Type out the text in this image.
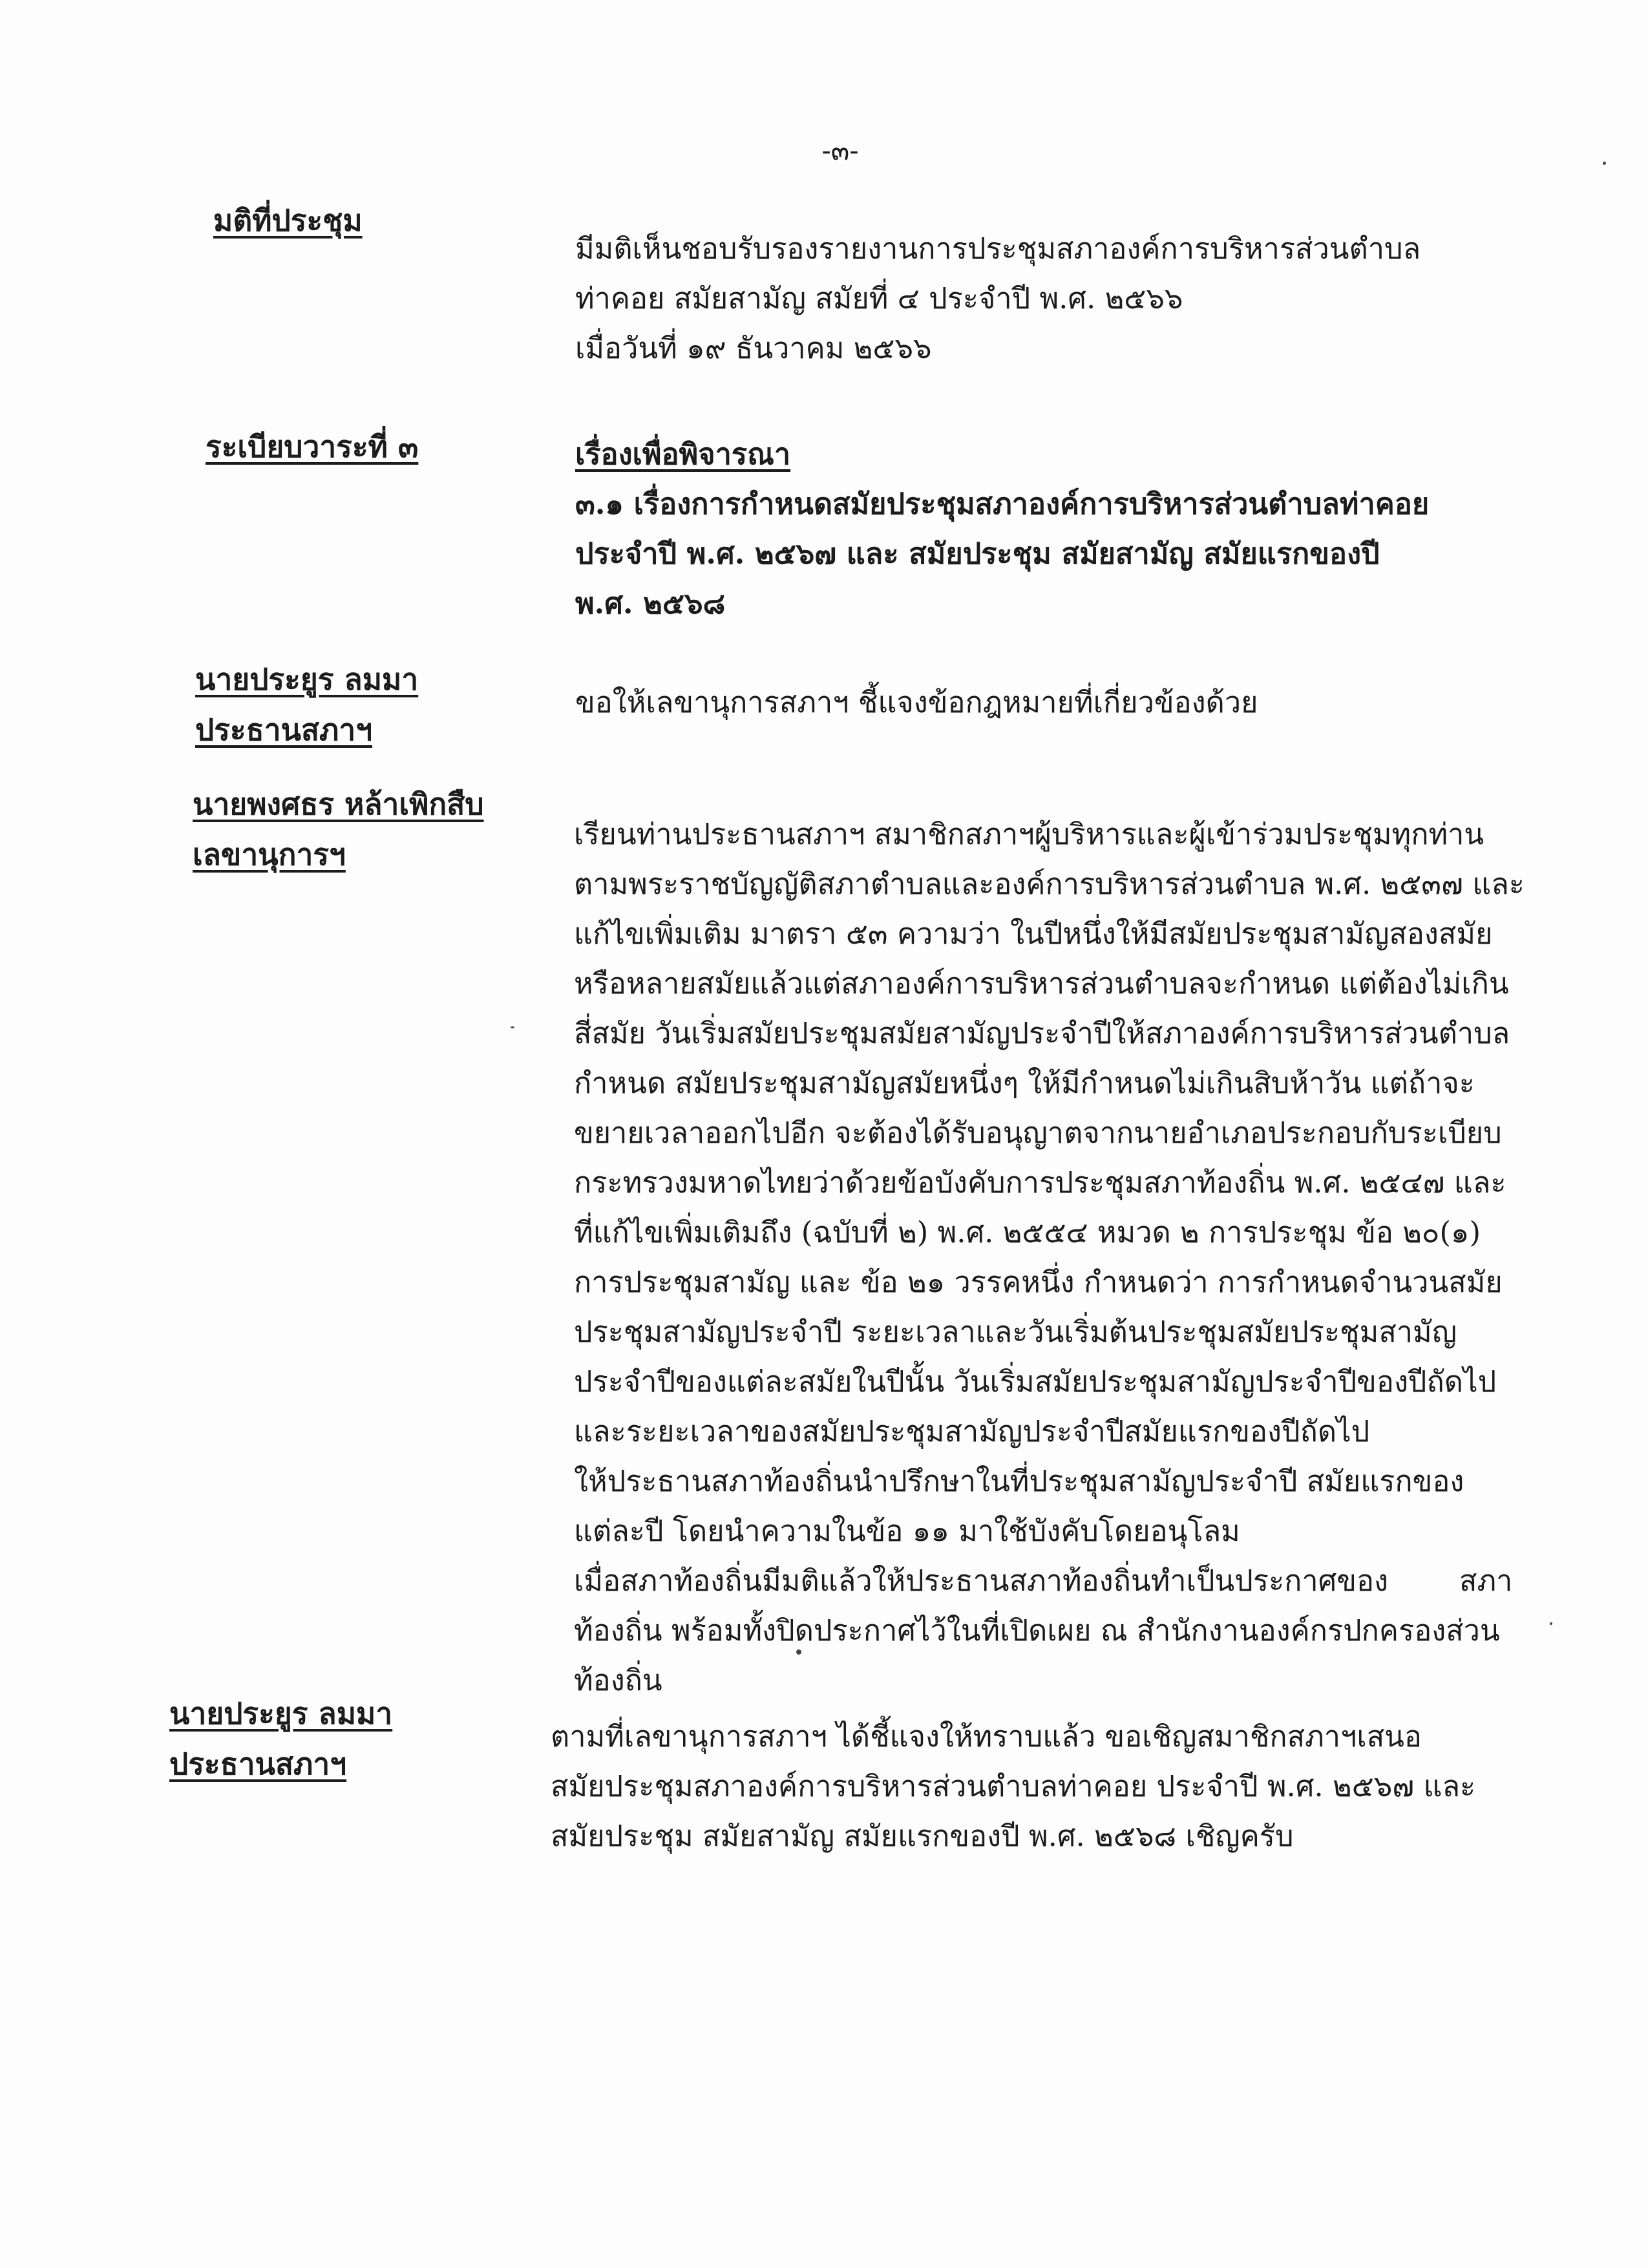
-๓-
มติที่ประชุม
มีมติเห็นชอบรับรองรายงานการประชุมสภาองค์การบริหารส่วนตำบล
ท่าคอย สมัยสามัญ สมัยที่ ๔ ประจำปี พ.ศ. ๒๕๖๖
เมื่อวันที่ ๑๙ ธันวาคม ๒๕๖๖
ระเบียบวาระที่ ๓	เรื่องเพื่อพิจารณา
๓.๑ เรื่องการกำหนดสมัยประชุมสภาองค์การบริหารส่วนตำบลท่าคอย
ประจำปี พ.ศ. ๒๕๖๗ และ สมัยประชุม สมัยสามัญ สมัยแรกของปี
พ.ศ. ๒๕๖๘
นายประยูร ลมมา
ประธานสภาฯ
ขอให้เลขานุการสภาฯ ชี้แจงข้อกฎหมายที่เกี่ยวข้องด้วย
นายพงศธร หล้าเพิกสืบ
เลขานุการฯ
เรียนท่านประธานสภาฯ สมาชิกสภาฯผู้บริหารและผู้เข้าร่วมประชุมทุกท่าน
ตามพระราชบัญญัติสภาตำบลและองค์การบริหารส่วนตำบล พ.ศ. ๒๕๓๗ และ
แก้ไขเพิ่มเติม มาตรา ๕๓ ความว่า ในปีหนึ่งให้มีสมัยประชุมสามัญสองสมัย
หรือหลายสมัยแล้วแต่สภาองค์การบริหารส่วนตำบลจะกำหนด แต่ต้องไม่เกิน
สี่สมัย วันเริ่มสมัยประชุมสมัยสามัญประจำปีให้สภาองค์การบริหารส่วนตำบล
กำหนด สมัยประชุมสามัญสมัยหนึ่งๆ ให้มีกำหนดไม่เกินสิบห้าวัน แต่ถ้าจะ
ขยายเวลาออกไปอีก จะต้องได้รับอนุญาตจากนายอำเภอประกอบกับระเบียบ
กระทรวงมหาดไทยว่าด้วยข้อบังคับการประชุมสภาท้องถิ่น พ.ศ. ๒๕๔๗ และ
ที่แก้ไขเพิ่มเติมถึง (ฉบับที่ ๒) พ.ศ. ๒๕๕๔ หมวด ๒ การประชุม ข้อ ๒๐(๑)
การประชุมสามัญ และ ข้อ ๒๑ วรรคหนึ่ง กำหนดว่า การกำหนดจำนวนสมัย
ประชุมสามัญประจำปี ระยะเวลาและวันเริ่มต้นประชุมสมัยประชุมสามัญ
ประจำปีของแต่ละสมัยในปีนั้น วันเริ่มสมัยประชุมสามัญประจำปีของปีถัดไป
และระยะเวลาของสมัยประชุมสามัญประจำปีสมัยแรกของปีถัดไป
ให้ประธานสภาท้องถิ่นนำปรึกษาในที่ประชุมสามัญประจำปี สมัยแรกของ
แต่ละปี โดยนำความในข้อ ๑๑ มาใช้บังคับโดยอนุโลม
เมื่อสภาท้องถิ่นมีมติแล้วให้ประธานสภาท้องถิ่นทำเป็นประกาศของ สภา
ท้องถิ่น พร้อมทั้งปิดประกาศไว้ในที่เปิดเผย ณ สำนักงานองค์กรปกครองส่วน
ท้องถิ่น
นายประยูร ลมมา
ประธานสภาฯ
ตามที่เลขานุการสภาฯ ได้ชี้แจงให้ทราบแล้ว ขอเชิญสมาชิกสภาฯเสนอ
สมัยประชุมสภาองค์การบริหารส่วนตำบลท่าคอย ประจำปี พ.ศ. ๒๕๖๗ และ
สมัยประชุม สมัยสามัญ สมัยแรกของปี พ.ศ. ๒๕๖๘ เชิญครับ
